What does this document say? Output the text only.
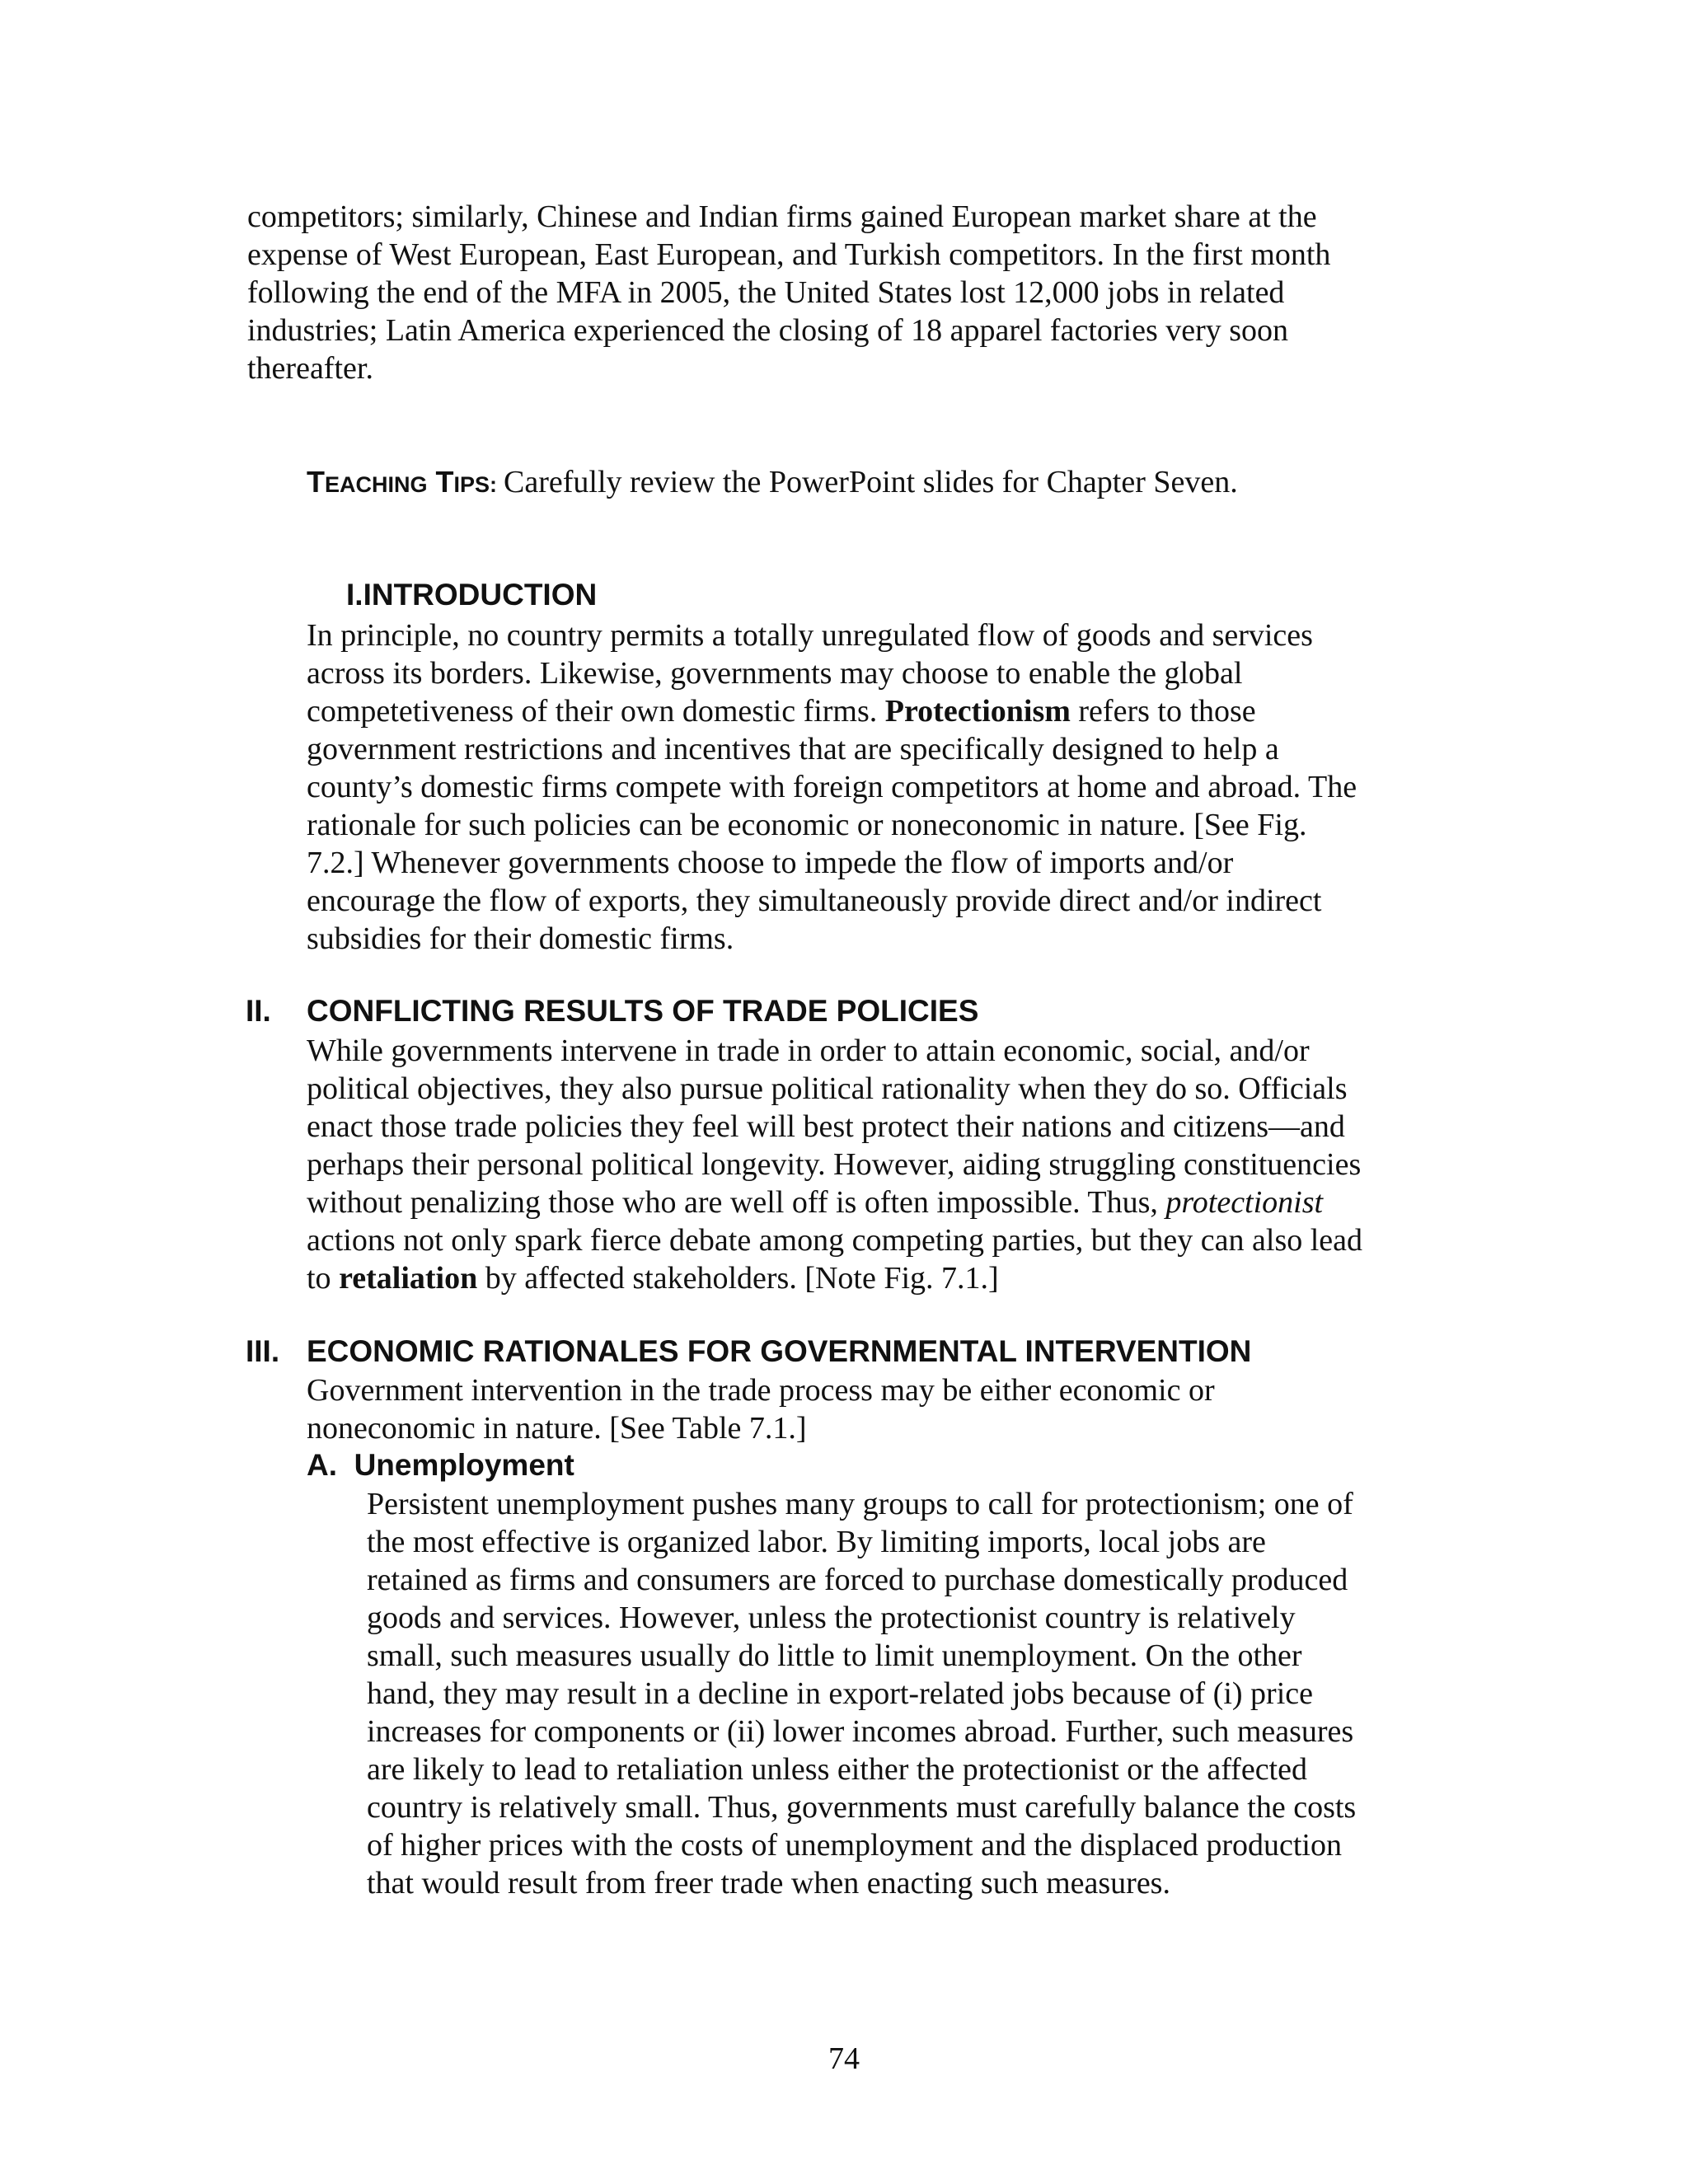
competitors; similarly, Chinese and Indian firms gained European market share at the
expense of West European, East European, and Turkish competitors. In the first month
following the end of the MFA in 2005, the United States lost 12,000 jobs in related
industries; Latin America experienced the closing of 18 apparel factories very soon
thereafter.
TEACHING TIPS: Carefully review the PowerPoint slides for Chapter Seven.
I.INTRODUCTION
In principle, no country permits a totally unregulated flow of goods and services
across its borders. Likewise, governments may choose to enable the global
competetiveness of their own domestic firms. Protectionism refers to those
government restrictions and incentives that are specifically designed to help a
county’s domestic firms compete with foreign competitors at home and abroad. The
rationale for such policies can be economic or noneconomic in nature. [See Fig.
7.2.] Whenever governments choose to impede the flow of imports and/or
encourage the flow of exports, they simultaneously provide direct and/or indirect
subsidies for their domestic firms.
II. CONFLICTING RESULTS OF TRADE POLICIES
While governments intervene in trade in order to attain economic, social, and/or
political objectives, they also pursue political rationality when they do so. Officials
enact those trade policies they feel will best protect their nations and citizens—and
perhaps their personal political longevity. However, aiding struggling constituencies
without penalizing those who are well off is often impossible. Thus, protectionist
actions not only spark fierce debate among competing parties, but they can also lead
to retaliation by affected stakeholders. [Note Fig. 7.1.]
III. ECONOMIC RATIONALES FOR GOVERNMENTAL INTERVENTION
Government intervention in the trade process may be either economic or
noneconomic in nature. [See Table 7.1.]
A. Unemployment
Persistent unemployment pushes many groups to call for protectionism; one of
the most effective is organized labor. By limiting imports, local jobs are
retained as firms and consumers are forced to purchase domestically produced
goods and services. However, unless the protectionist country is relatively
small, such measures usually do little to limit unemployment. On the other
hand, they may result in a decline in export-related jobs because of (i) price
increases for components or (ii) lower incomes abroad. Further, such measures
are likely to lead to retaliation unless either the protectionist or the affected
country is relatively small. Thus, governments must carefully balance the costs
of higher prices with the costs of unemployment and the displaced production
that would result from freer trade when enacting such measures.
74
